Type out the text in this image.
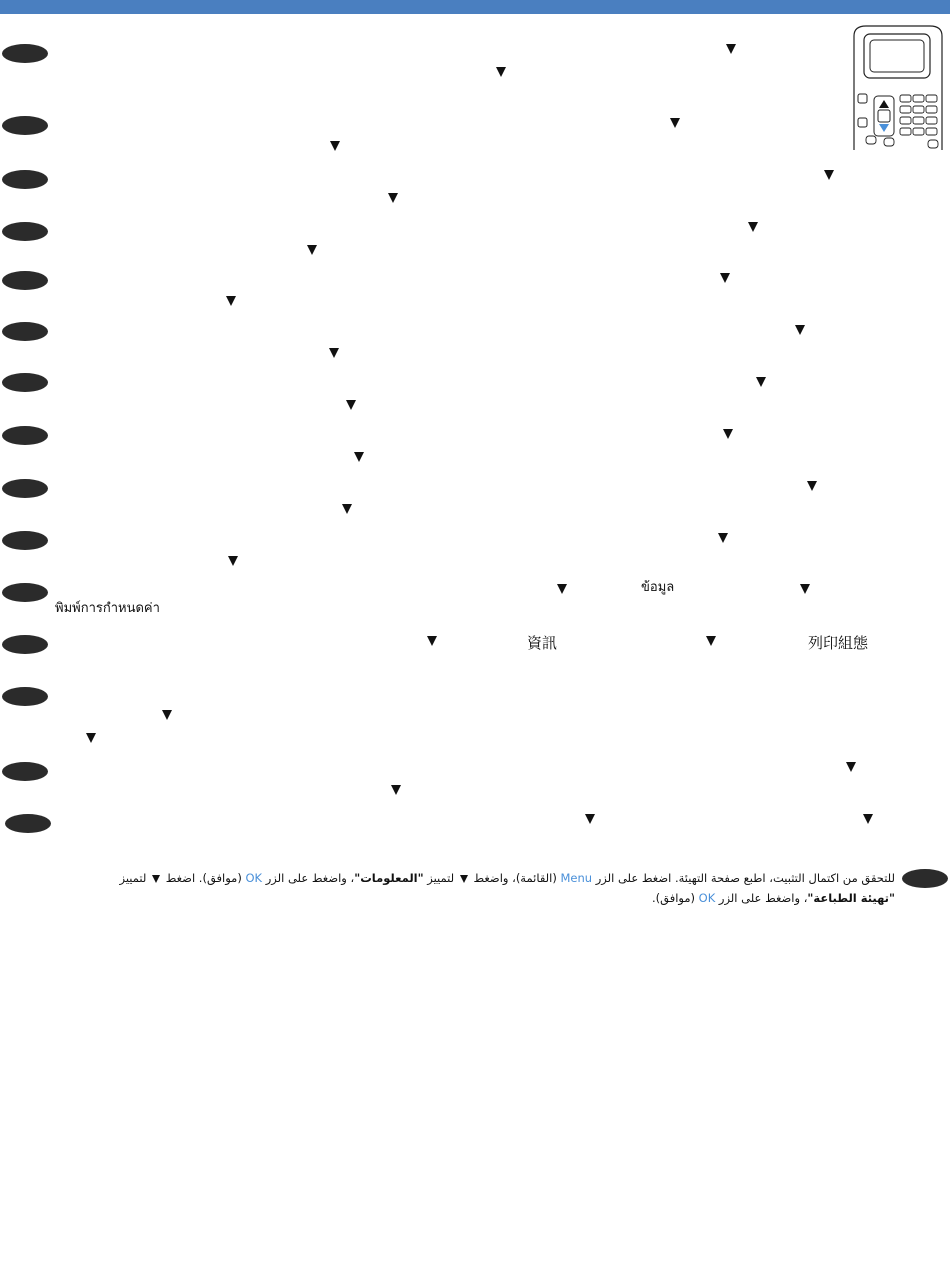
ข้อมูล
พิมพ์การกำหนดค่า
資訊	列印組態
للتحقق من اكتمال التثبيت، اطبع صفحة التهيئة. اضغط على الزر Menu (القائمة)، واضغط  لتمييز "المعلومات"، واضغط على الزر OK (موافق). اضغط  لتمييز
"تهيئة الطباعة"، واضغط على الزر OK (موافق).
